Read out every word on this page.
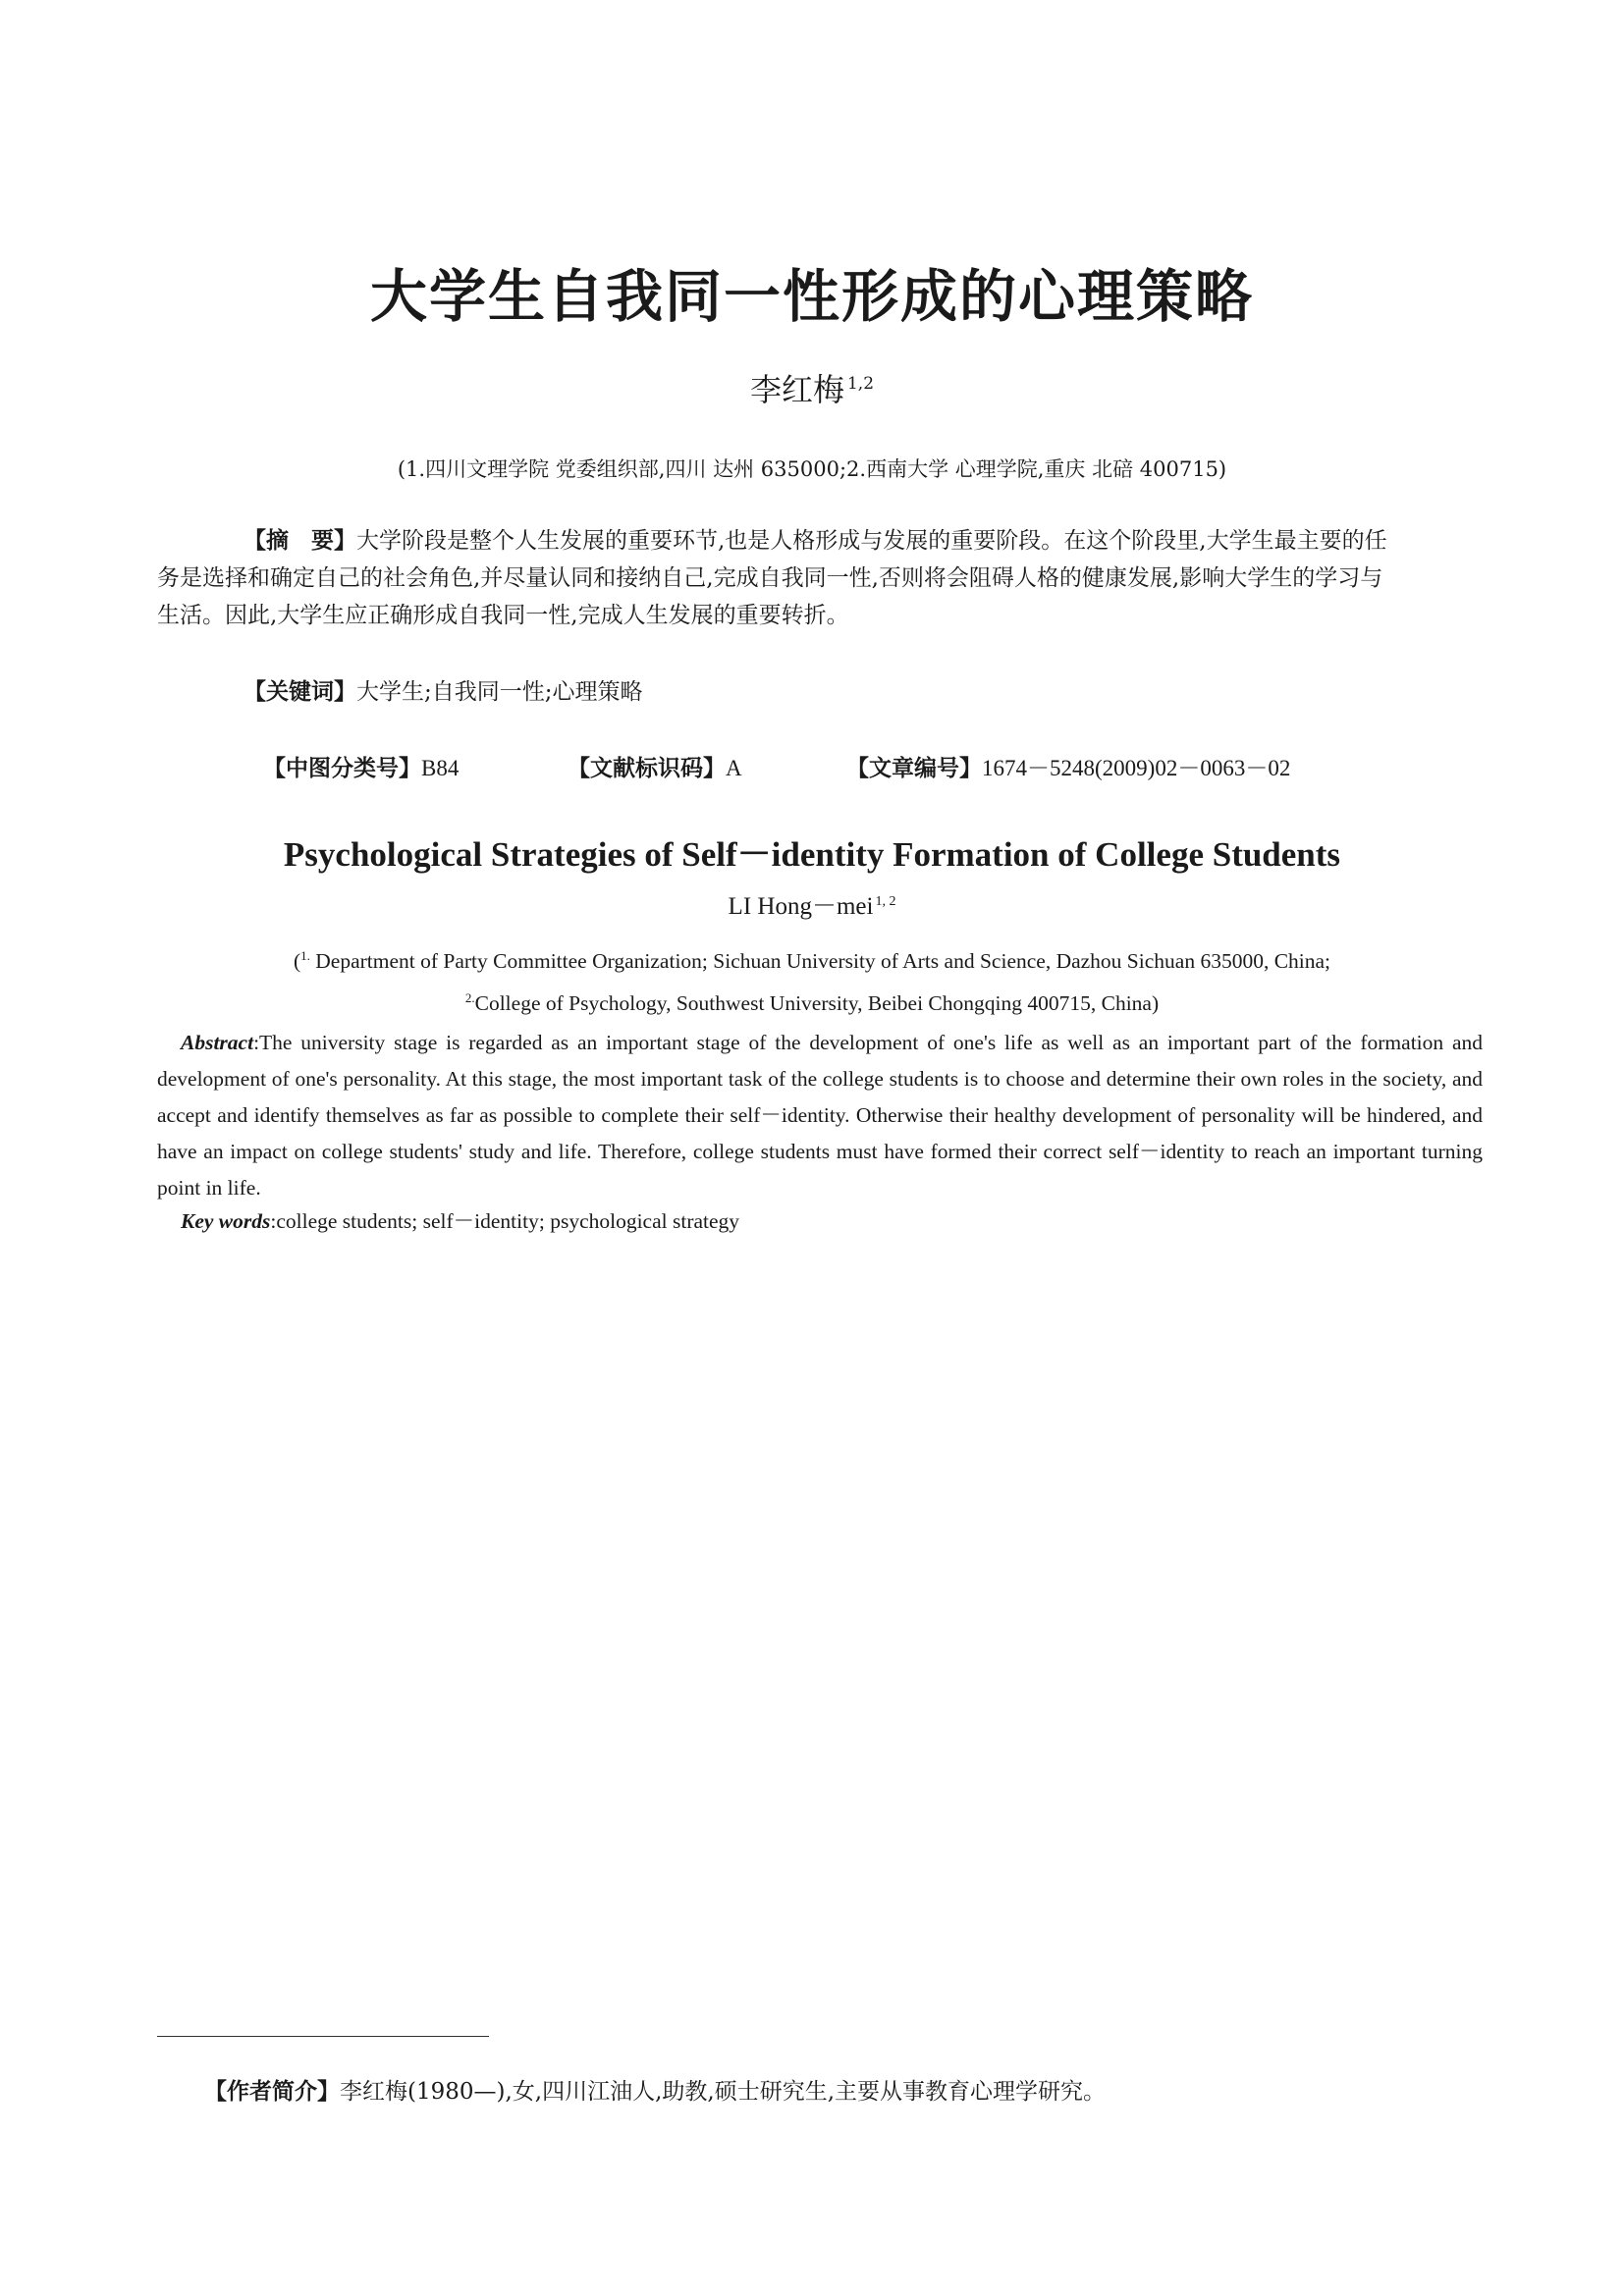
大学生自我同一性形成的心理策略
李红梅 $^{1,2}$
(1.四川文理学院 党委组织部,四川 达州 635000;2.西南大学 心理学院,重庆 北碚 400715)

【摘　要】大学阶段是整个人生发展的重要环节,也是人格形成与发展的重要阶段。在这个阶段里,大学生最主要的任务是选择和确定自己的社会角色,并尽量认同和接纳自己,完成自我同一性,否则将会阻碍人格的健康发展,影响大学生的学习与生活。因此,大学生应正确形成自我同一性,完成人生发展的重要转折。

【关键词】大学生;自我同一性;心理策略
【中图分类号】B84	【文献标识码】A	【文章编号】1674－5248(2009)02－0063－02
Psychological Strategies of Self－identity Formation of College Students
LI Hong－mei $^{1, 2}$
($^{1.}$ Department of Party Committee Organization; Sichuan University of Arts and Science, Dazhou Sichuan 635000, China;
$^{2.}$College of Psychology, Southwest University, Beibei Chongqing 400715, China)

Abstract:The university stage is regarded as an important stage of the development of one's life as well as an important part of the formation and development of one's personality. At this stage, the most important task of the college students is to choose and determine their own roles in the society, and accept and identify themselves as far as possible to complete their self－identity. Otherwise their healthy development of personality will be hindered, and have an impact on college students' study and life. Therefore, college students must have formed their correct self－identity to reach an important turning point in life.

Key words:college students; self－identity; psychological strategy
【作者简介】李红梅(1980—),女,四川江油人,助教,硕士研究生,主要从事教育心理学研究。
